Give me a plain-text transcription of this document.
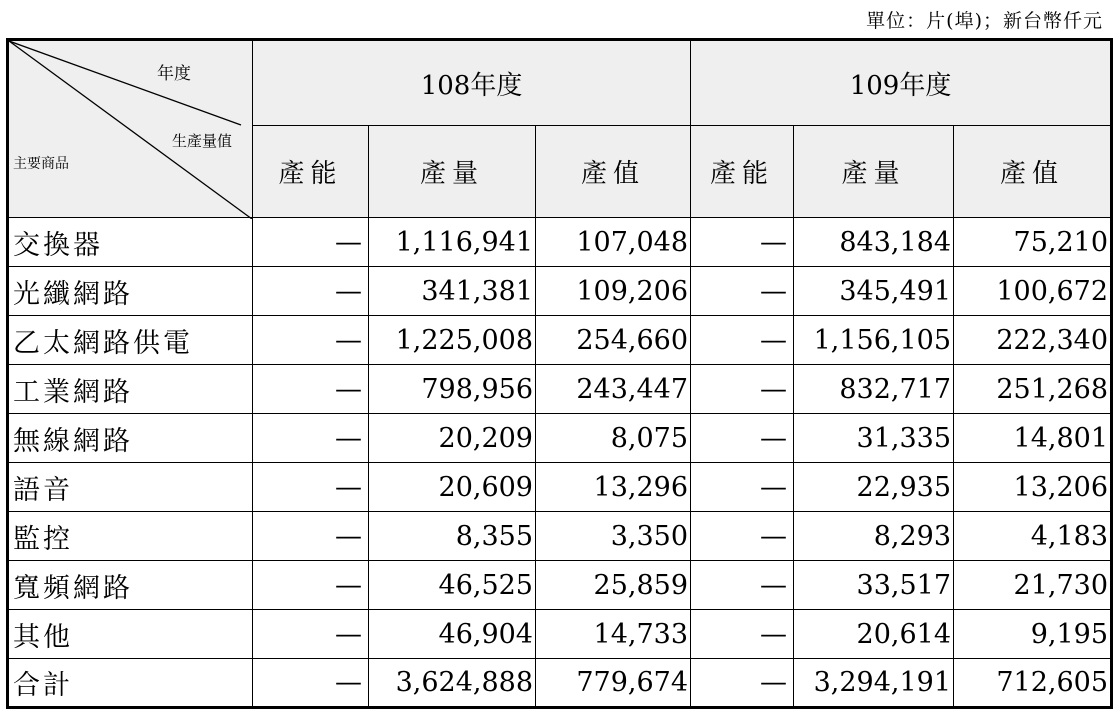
單位：片(埠)；新台幣仟元
年度
生產量值
主要商品	108年度			109年度		
	產能	產量	產值	產能	產量	產值
交換器	—	1,116,941	107,048	—	843,184	75,210
光纖網路	—	341,381	109,206	—	345,491	100,672
乙太網路供電	—	1,225,008	254,660	—	1,156,105	222,340
工業網路	—	798,956	243,447	—	832,717	251,268
無線網路	—	20,209	8,075	—	31,335	14,801
語音	—	20,609	13,296	—	22,935	13,206
監控	—	8,355	3,350	—	8,293	4,183
寬頻網路	—	46,525	25,859	—	33,517	21,730
其他	—	46,904	14,733	—	20,614	9,195
合計	—	3,624,888	779,674	—	3,294,191	712,605
